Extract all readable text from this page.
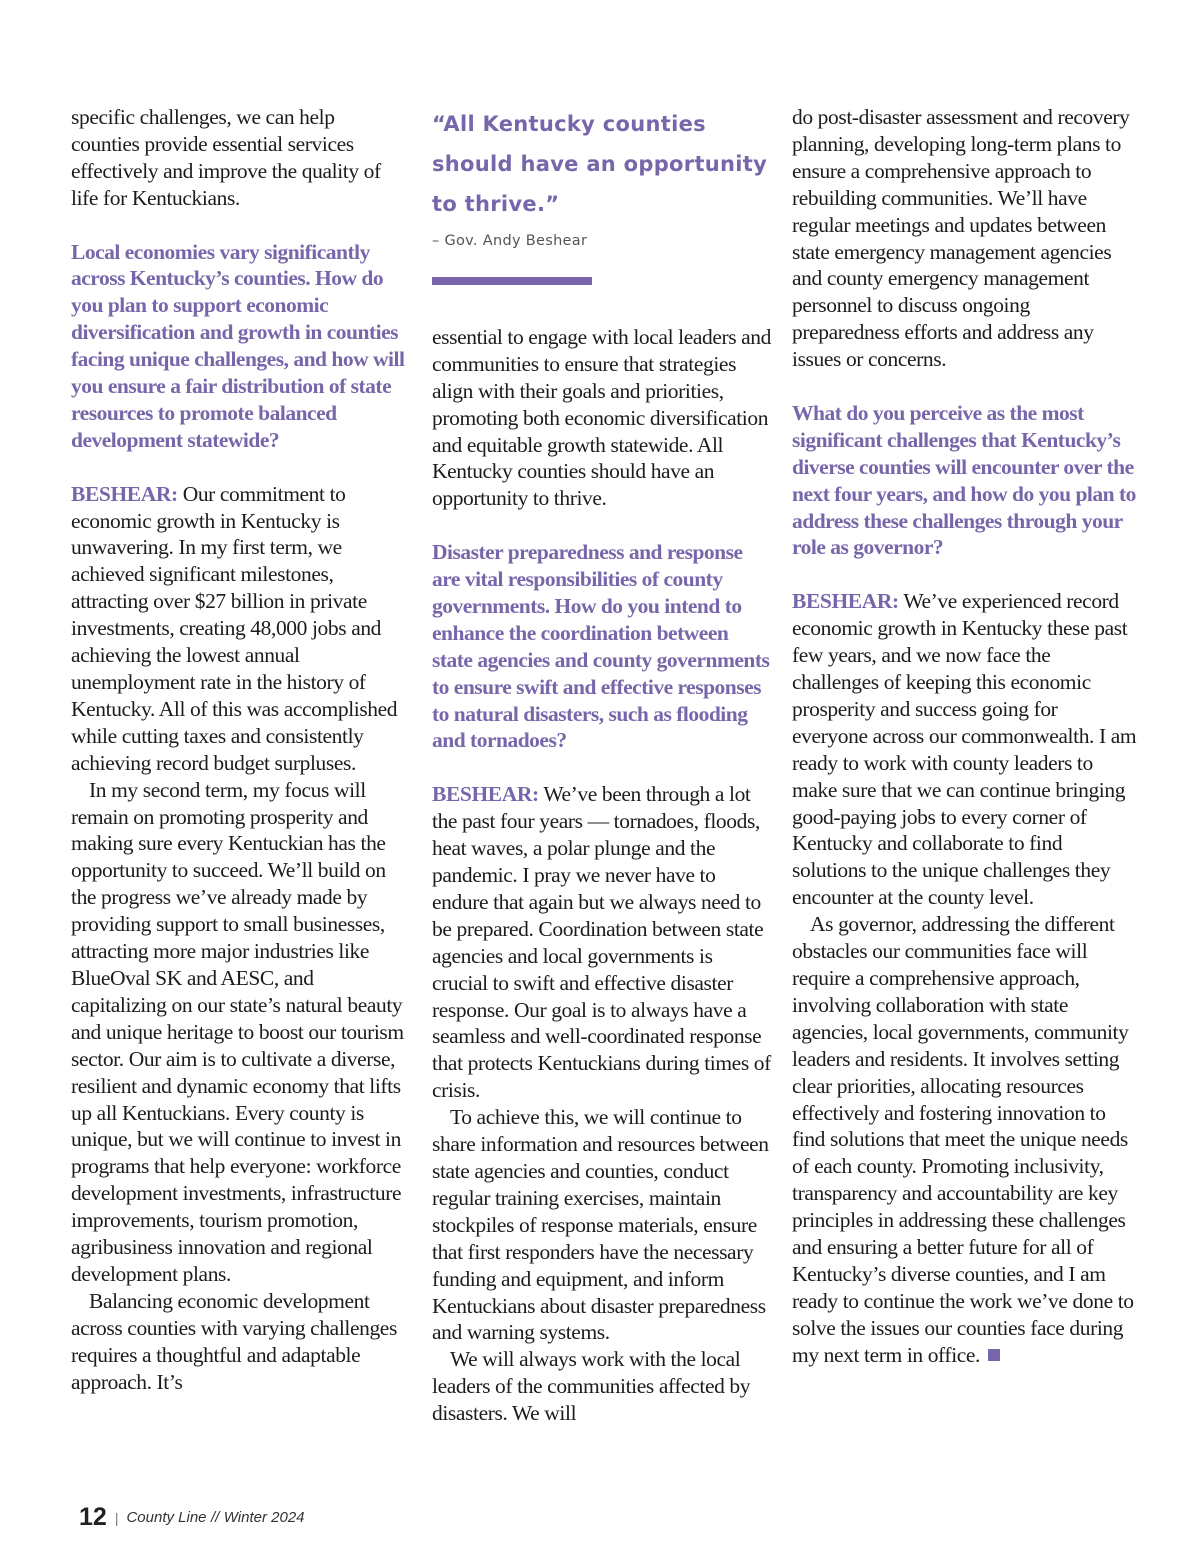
specific challenges, we can help counties provide essential services effectively and improve the quality of life for Kentuckians.

Local economies vary significantly across Kentucky’s counties. How do you plan to support economic diversification and growth in counties facing unique challenges, and how will you ensure a fair distribution of state resources to promote balanced development statewide?

BESHEAR: Our commitment to economic growth in Kentucky is unwavering. In my first term, we achieved significant milestones, attracting over $27 billion in private investments, creating 48,000 jobs and achieving the lowest annual unemployment rate in the history of Kentucky. All of this was accomplished while cutting taxes and consistently achieving record budget surpluses.

In my second term, my focus will remain on promoting prosperity and making sure every Kentuckian has the opportunity to succeed. We’ll build on the progress we’ve already made by providing support to small businesses, attracting more major industries like BlueOval SK and AESC, and capitalizing on our state’s natural beauty and unique heritage to boost our tourism sector. Our aim is to cultivate a diverse, resilient and dynamic economy that lifts up all Kentuckians. Every county is unique, but we will continue to invest in programs that help everyone: workforce development investments, infrastructure improvements, tourism promotion, agribusiness innovation and regional development plans.

Balancing economic development across counties with varying challenges requires a thoughtful and adaptable approach. It’s

“All Kentucky counties should have an opportunity to thrive.”

– Gov. Andy Beshear

essential to engage with local leaders and communities to ensure that strategies align with their goals and priorities, promoting both economic diversification and equitable growth statewide. All Kentucky counties should have an opportunity to thrive.

Disaster preparedness and response are vital responsibilities of county governments. How do you intend to enhance the coordination between state agencies and county governments to ensure swift and effective responses to natural disasters, such as flooding and tornadoes?

BESHEAR: We’ve been through a lot the past four years — tornadoes, floods, heat waves, a polar plunge and the pandemic. I pray we never have to endure that again but we always need to be prepared. Coordination between state agencies and local governments is crucial to swift and effective disaster response. Our goal is to always have a seamless and well-coordinated response that protects Kentuckians during times of crisis.

To achieve this, we will continue to share information and resources between state agencies and counties, conduct regular training exercises, maintain stockpiles of response materials, ensure that first responders have the necessary funding and equipment, and inform Kentuckians about disaster preparedness and warning systems.

We will always work with the local leaders of the communities affected by disasters. We will

do post-disaster assessment and recovery planning, developing long-term plans to ensure a comprehensive approach to rebuilding communities. We’ll have regular meetings and updates between state emergency management agencies and county emergency management personnel to discuss ongoing preparedness efforts and address any issues or concerns.

What do you perceive as the most significant challenges that Kentucky’s diverse counties will encounter over the next four years, and how do you plan to address these challenges through your role as governor?

BESHEAR: We’ve experienced record economic growth in Kentucky these past few years, and we now face the challenges of keeping this economic prosperity and success going for everyone across our commonwealth. I am ready to work with county leaders to make sure that we can continue bringing good-paying jobs to every corner of Kentucky and collaborate to find solutions to the unique challenges they encounter at the county level.

As governor, addressing the different obstacles our communities face will require a comprehensive approach, involving collaboration with state agencies, local governments, community leaders and residents. It involves setting clear priorities, allocating resources effectively and fostering innovation to find solutions that meet the unique needs of each county. Promoting inclusivity, transparency and accountability are key principles in addressing these challenges and ensuring a better future for all of Kentucky’s diverse counties, and I am ready to continue the work we’ve done to solve the issues our counties face during my next term in office.

12 | County Line // Winter 2024
